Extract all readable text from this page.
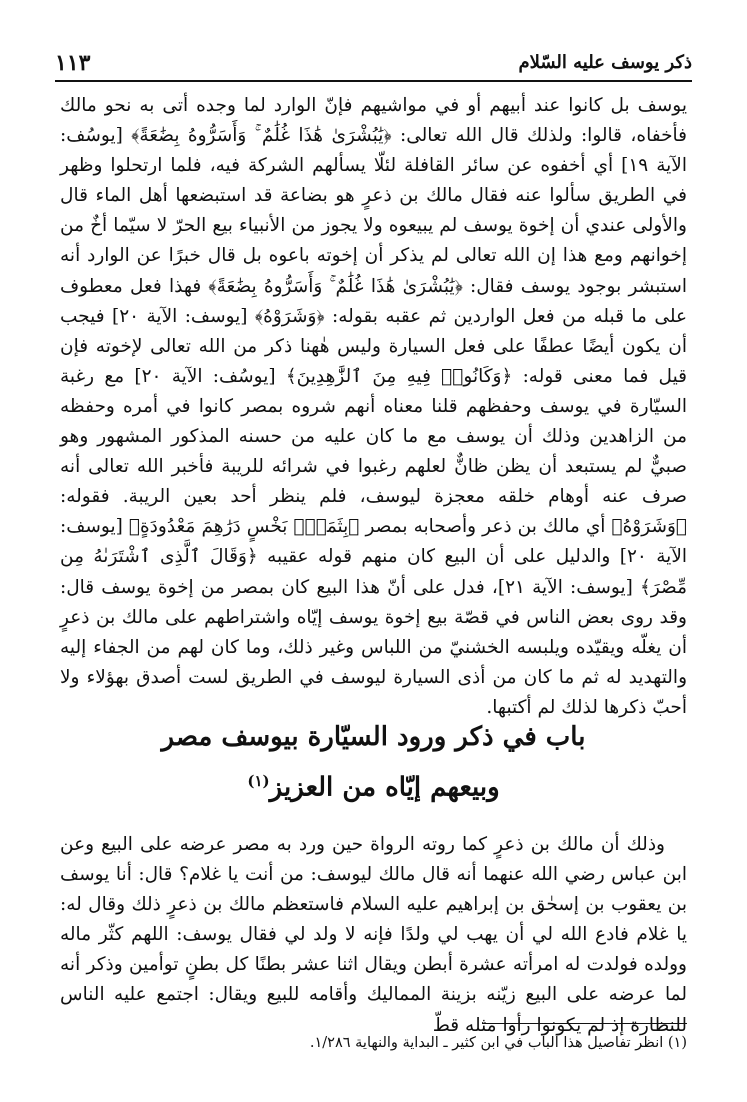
ذكر يوسف عليه السّلام
١١٣

يوسف بل كانوا عند أبيهم أو في مواشيهم فإنّ الوارد لما وجده أتى به نحو مالك فأخفاه، قالوا: ولذلك قال الله تعالى: ﴿يَٰبُشْرَىٰ هَٰذَا غُلَٰمٌ ۚ وَأَسَرُّوهُ بِضَٰعَةً﴾ [يوسُف: الآية ١٩] أي أخفوه عن سائر القافلة لئلّا يسألهم الشركة فيه، فلما ارتحلوا وظهر في الطريق سألوا عنه فقال مالك بن ذعرٍ هو بضاعة قد استبضعها أهل الماء قال والأولى عندي أن إخوة يوسف لم يبيعوه ولا يجوز من الأنبياء بيع الحرّ لا سيّما أخٌ من إخوانهم ومع هذا إن الله تعالى لم يذكر أن إخوته باعوه بل قال خبرًا عن الوارد أنه استبشر بوجود يوسف فقال: ﴿يَٰبُشْرَىٰ هَٰذَا غُلَٰمٌ ۚ وَأَسَرُّوهُ بِضَٰعَةً﴾ فهذا فعل معطوف على ما قبله من فعل الواردين ثم عقبه بقوله: ﴿وَشَرَوْهُ﴾ [يوسف: الآية ٢٠] فيجب أن يكون أيضًا عطفًا على فعل السيارة وليس هٰهنا ذكر من الله تعالى لإخوته فإن قيل فما معنى قوله: ﴿وَكَانُوا۟ فِيهِ مِنَ ٱلزَّٰهِدِينَ﴾ [يوسُف: الآية ٢٠] مع رغبة السيّارة في يوسف وحفظهم قلنا معناه أنهم شروه بمصر كانوا في أمره وحفظه من الزاهدين وذلك أن يوسف مع ما كان عليه من حسنه المذكور المشهور وهو صبيٌّ لم يستبعد أن يظن ظانٌّ لعلهم رغبوا في شرائه للريبة فأخبر الله تعالى أنه صرف عنه أوهام خلقه معجزة ليوسف، فلم ينظر أحد بعين الريبة. فقوله: ﴿وَشَرَوْهُ﴾ أي مالك بن ذعر وأصحابه بمصر ﴿بِثَمَنٍۭ بَخْسٍ دَرَٰهِمَ مَعْدُودَةٍ﴾ [يوسف: الآية ٢٠] والدليل على أن البيع كان منهم قوله عقيبه ﴿وَقَالَ ٱلَّذِى ٱشْتَرَىٰهُ مِن مِّصْرَ﴾ [يوسف: الآية ٢١]، فدل على أنّ هذا البيع كان بمصر من إخوة يوسف قال: وقد روى بعض الناس في قصّة بيع إخوة يوسف إيّاه واشتراطهم على مالك بن ذعرٍ أن يغلّه ويقيّده ويلبسه الخشنيّ من اللباس وغير ذلك، وما كان لهم من الجفاء إليه والتهديد له ثم ما كان من أذى السيارة ليوسف في الطريق لست أصدق بهؤلاء ولا أحبّ ذكرها لذلك لم أكتبها.

باب في ذكر ورود السيّارة بيوسف مصر
وبيعهم إيّاه من العزيز$^{(١)}$

وذلك أن مالك بن ذعرٍ كما روته الرواة حين ورد به مصر عرضه على البيع وعن ابن عباس رضي الله عنهما أنه قال مالك ليوسف: من أنت يا غلام؟ قال: أنا يوسف بن يعقوب بن إسحٰق بن إبراهيم عليه السلام فاستعظم مالك بن ذعرٍ ذلك وقال له: يا غلام فادع الله لي أن يهب لي ولدًا فإنه لا ولد لي فقال يوسف: اللهم كثّر ماله وولده فولدت له امرأته عشرة أبطن ويقال اثنا عشر بطنًا كل بطنٍ توأمين وذكر أنه لما عرضه على البيع زيّنه بزينة المماليك وأقامه للبيع ويقال: اجتمع عليه الناس للنظارة إذ لم يكونوا رأوا مثله قطّ

(١) انظر تفاصيل هذا الباب في ابن كثير ـ البداية والنهاية ١/٢٨٦.
